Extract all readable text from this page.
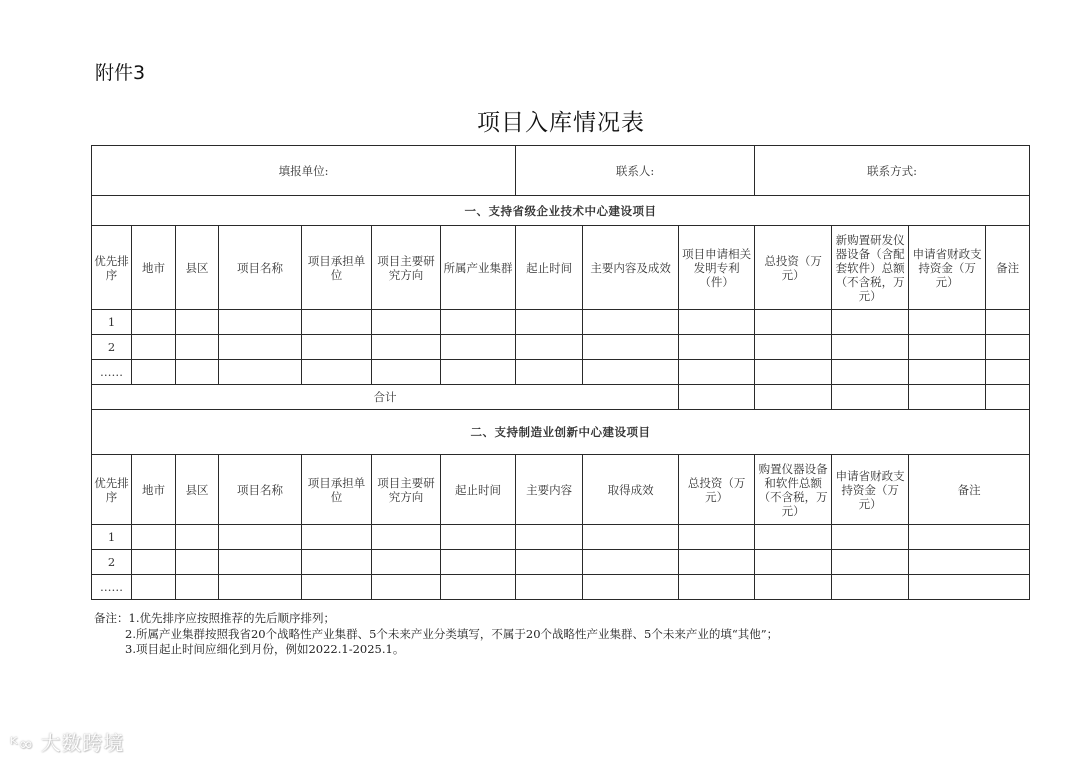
附件3
项目入库情况表
填报单位:							联系人:			联系方式:			
一、支持省级企业技术中心建设项目													
优先排序	地市	县区	项目名称	项目承担单位	项目主要研究方向	所属产业集群	起止时间	主要内容及成效	项目申请相关发明专利（件）	总投资（万元）	新购置研发仪器设备（含配套软件）总额（不含税，万元）	申请省财政支持资金（万元）	备注
1													
2													
……													
合计													
二、支持制造业创新中心建设项目													
优先排序	地市	县区	项目名称	项目承担单位	项目主要研究方向	起止时间	主要内容	取得成效	总投资（万元）	购置仪器设备和软件总额（不含税，万元）	申请省财政支持资金（万元）	备注	
1													
2													
……													
备注：1.优先排序应按照推荐的先后顺序排列；
2.所属产业集群按照我省20个战略性产业集群、5个未来产业分类填写，不属于20个战略性产业集群、5个未来产业的填“其他”；
3.项目起止时间应细化到月份，例如2022.1-2025.1。
ᴷ∞ 大数跨境
